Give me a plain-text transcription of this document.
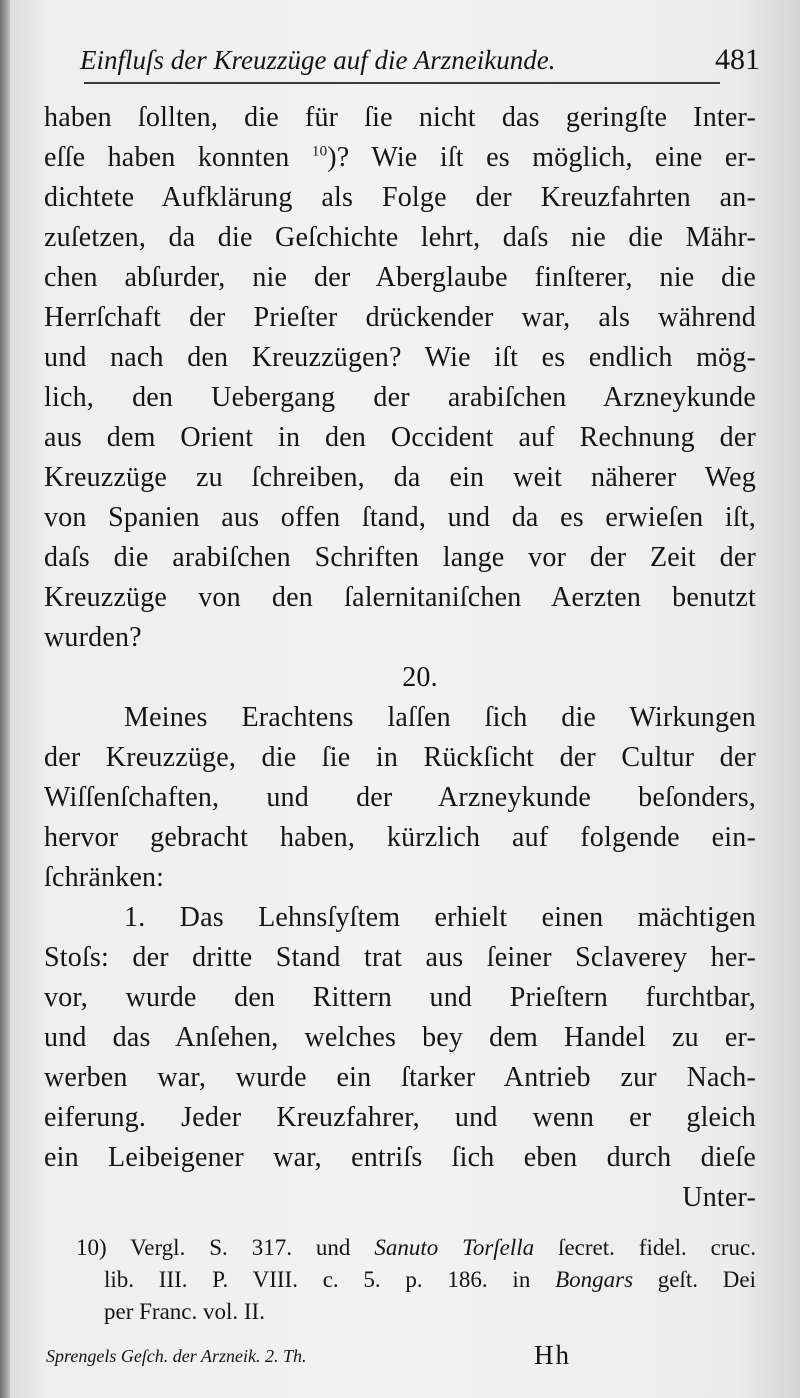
Einfluſs der Kreuzzüge auf die Arzneikunde.	481
haben ſollten, die für ſie nicht das geringſte Inter-
eſſe haben konnten $^{10}$)? Wie iſt es möglich, eine er-
dichtete Aufklärung als Folge der Kreuzfahrten an-
zuſetzen, da die Geſchichte lehrt, daſs nie die Mähr-
chen abſurder, nie der Aberglaube finſterer, nie die
Herrſchaft der Prieſter drückender war, als während
und nach den Kreuzzügen? Wie iſt es endlich mög-
lich, den Uebergang der arabiſchen Arzneykunde
aus dem Orient in den Occident auf Rechnung der
Kreuzzüge zu ſchreiben, da ein weit näherer Weg
von Spanien aus offen ſtand, und da es erwieſen iſt,
daſs die arabiſchen Schriften lange vor der Zeit der
Kreuzzüge von den ſalernitaniſchen Aerzten benutzt
wurden?
20.
Meines Erachtens laſſen ſich die Wirkungen
der Kreuzzüge, die ſie in Rückſicht der Cultur der
Wiſſenſchaften, und der Arzneykunde beſonders,
hervor gebracht haben, kürzlich auf folgende ein-
ſchränken:
1. Das Lehnsſyſtem erhielt einen mächtigen
Stoſs: der dritte Stand trat aus ſeiner Sclaverey her-
vor, wurde den Rittern und Prieſtern furchtbar,
und das Anſehen, welches bey dem Handel zu er-
werben war, wurde ein ſtarker Antrieb zur Nach-
eiferung. Jeder Kreuzfahrer, und wenn er gleich
ein Leibeigener war, entriſs ſich eben durch dieſe
Unter-
10) Vergl. S. 317. und Sanuto Torſella ſecret. fidel. cruc.
lib. III. P. VIII. c. 5. p. 186. in Bongars geſt. Dei
per Franc. vol. II.
Sprengels Geſch. der Arzneik. 2. Th.	Hh
